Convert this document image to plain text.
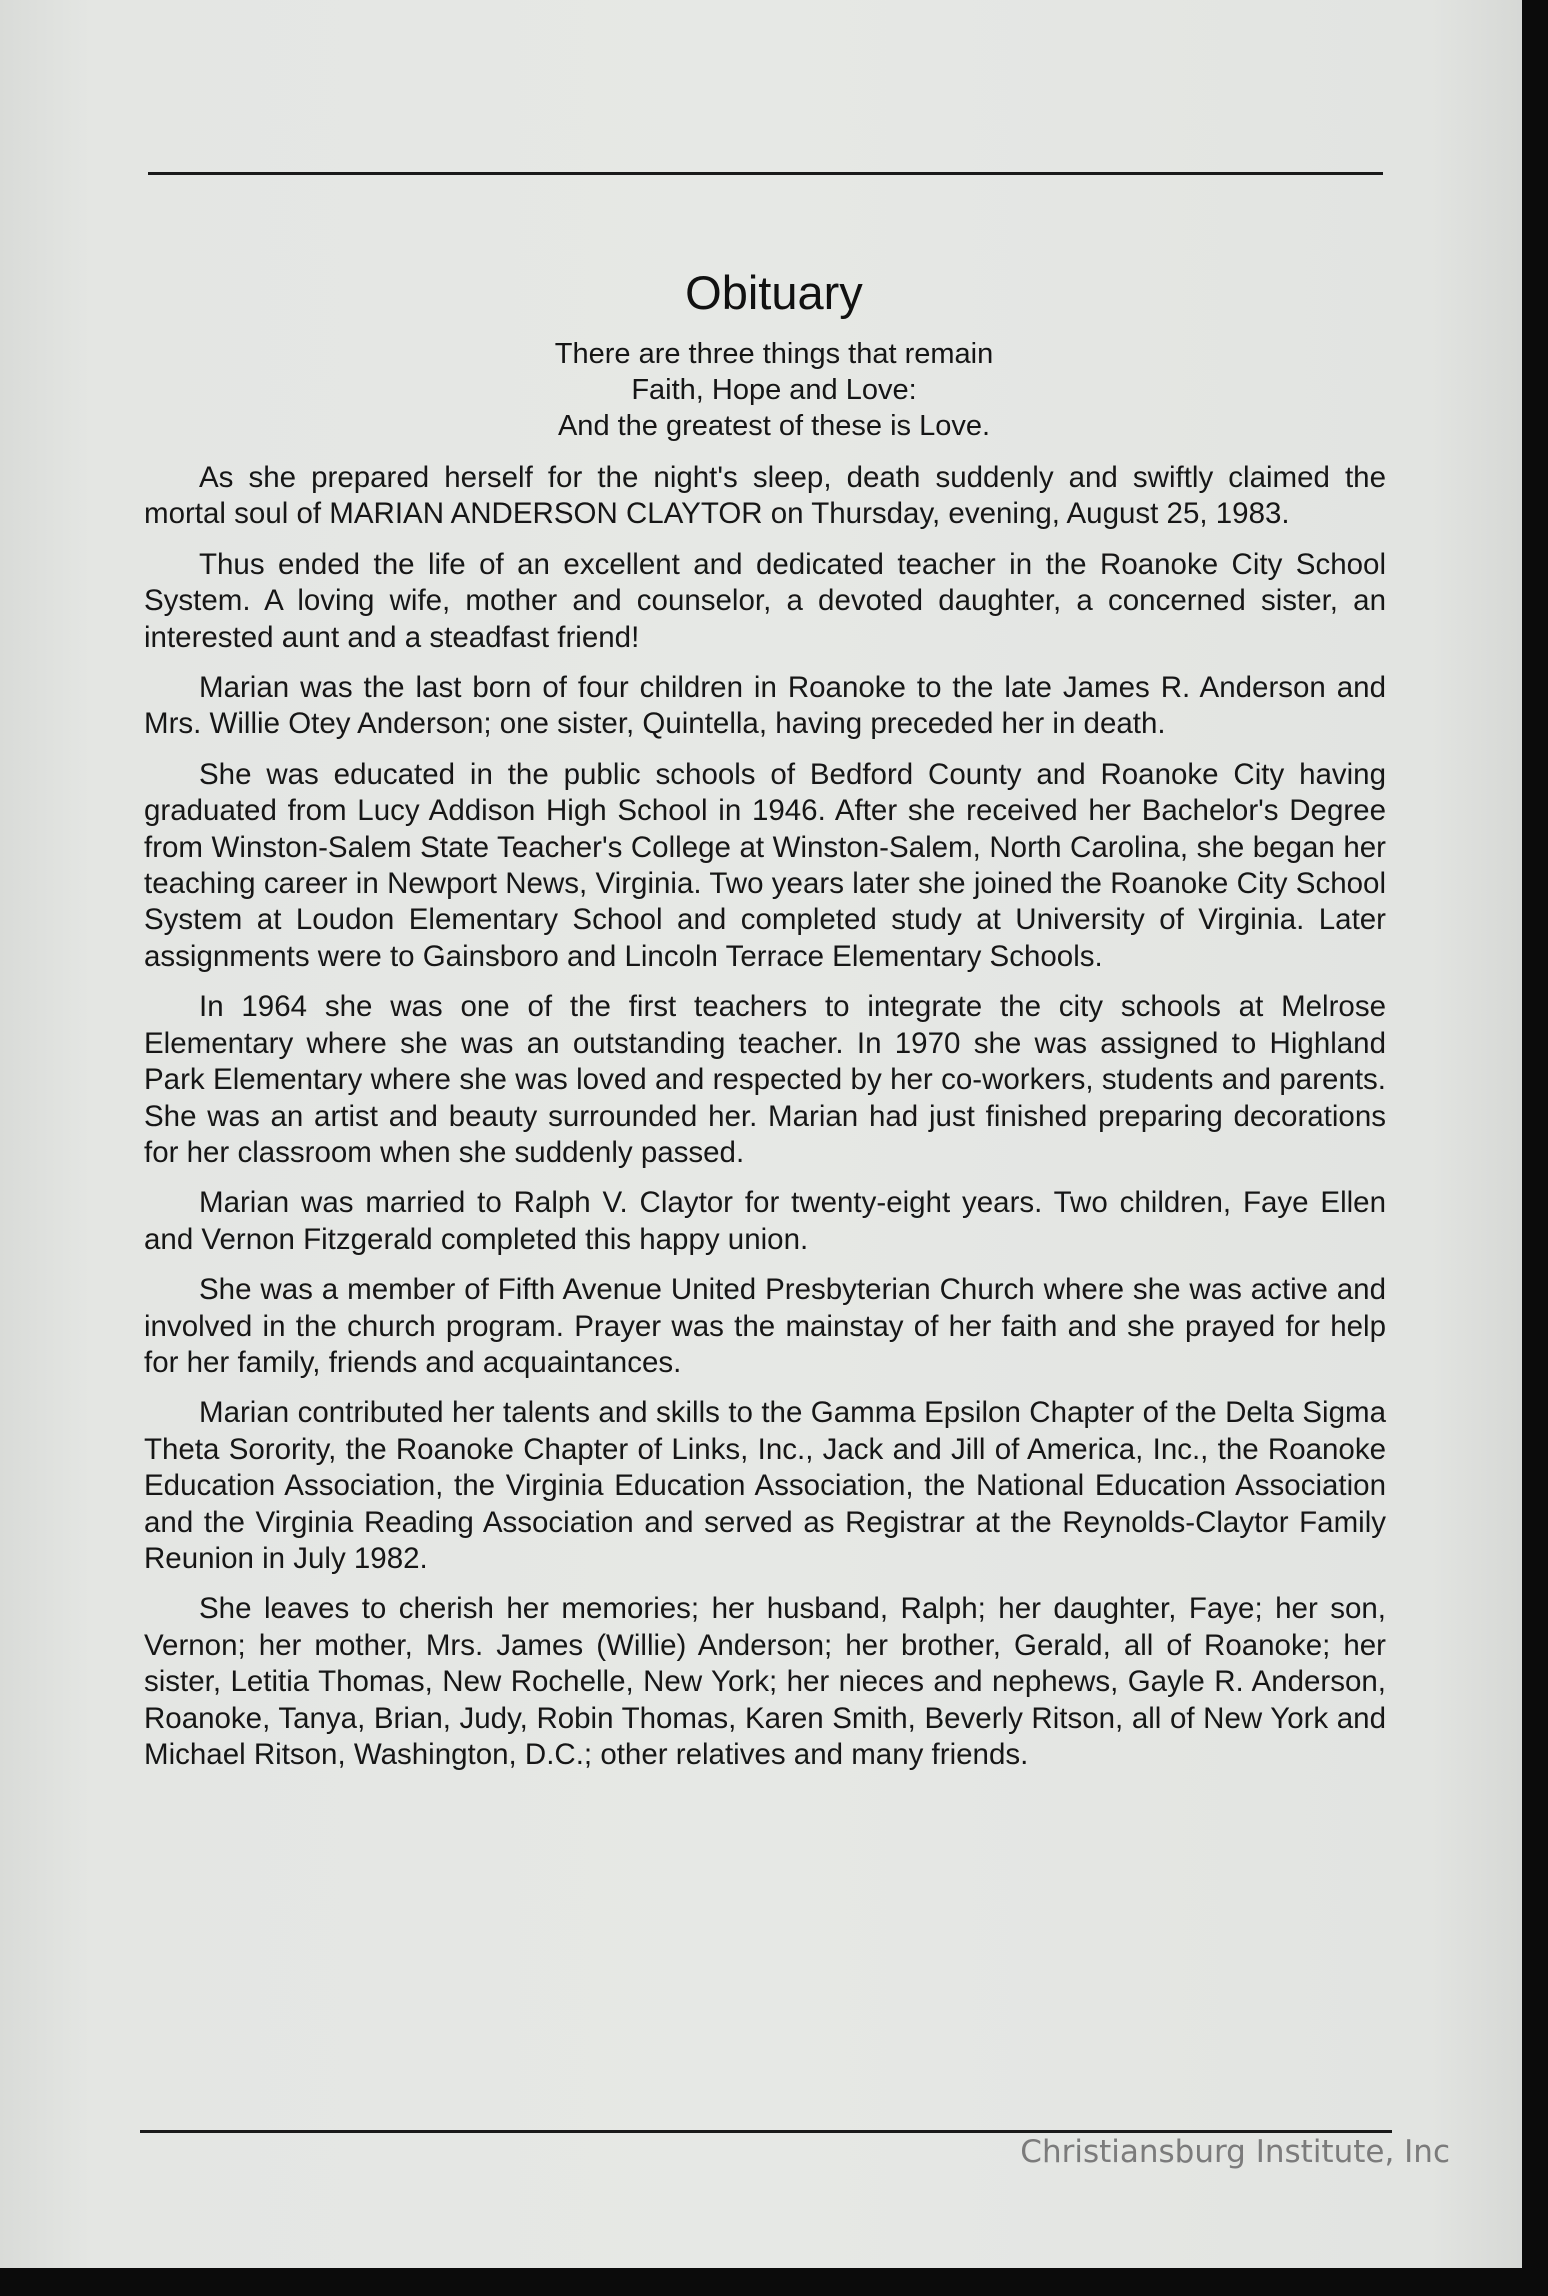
Obituary
There are three things that remain
Faith, Hope and Love:
And the greatest of these is Love.

As she prepared herself for the night's sleep, death suddenly and swiftly claimed the mortal soul of MARIAN ANDERSON CLAYTOR on Thursday, evening, August 25, 1983.

Thus ended the life of an excellent and dedicated teacher in the Roanoke City School System. A loving wife, mother and counselor, a devoted daughter, a concerned sister, an interested aunt and a steadfast friend!

Marian was the last born of four children in Roanoke to the late James R. Anderson and Mrs. Willie Otey Anderson; one sister, Quintella, having preceded her in death.

She was educated in the public schools of Bedford County and Roanoke City having graduated from Lucy Addison High School in 1946. After she received her Bachelor's Degree from Winston-Salem State Teacher's College at Winston-Salem, North Carolina, she began her teaching career in Newport News, Virginia. Two years later she joined the Roanoke City School System at Loudon Elementary School and completed study at University of Virginia. Later assignments were to Gainsboro and Lincoln Terrace Elementary Schools.

In 1964 she was one of the first teachers to integrate the city schools at Melrose Elementary where she was an outstanding teacher. In 1970 she was assigned to Highland Park Elementary where she was loved and respected by her co-workers, students and parents. She was an artist and beauty surrounded her. Marian had just finished preparing decorations for her classroom when she suddenly passed.

Marian was married to Ralph V. Claytor for twenty-eight years. Two children, Faye Ellen and Vernon Fitzgerald completed this happy union.

She was a member of Fifth Avenue United Presbyterian Church where she was active and involved in the church program. Prayer was the mainstay of her faith and she prayed for help for her family, friends and acquaintances.

Marian contributed her talents and skills to the Gamma Epsilon Chapter of the Delta Sigma Theta Sorority, the Roanoke Chapter of Links, Inc., Jack and Jill of America, Inc., the Roanoke Education Association, the Virginia Education Association, the National Education Association and the Virginia Reading Association and served as Registrar at the Reynolds-Claytor Family Reunion in July 1982.

She leaves to cherish her memories; her husband, Ralph; her daughter, Faye; her son, Vernon; her mother, Mrs. James (Willie) Anderson; her brother, Gerald, all of Roanoke; her sister, Letitia Thomas, New Rochelle, New York; her nieces and nephews, Gayle R. Anderson, Roanoke, Tanya, Brian, Judy, Robin Thomas, Karen Smith, Beverly Ritson, all of New York and Michael Ritson, Washington, D.C.; other relatives and many friends.

Christiansburg Institute, Inc
